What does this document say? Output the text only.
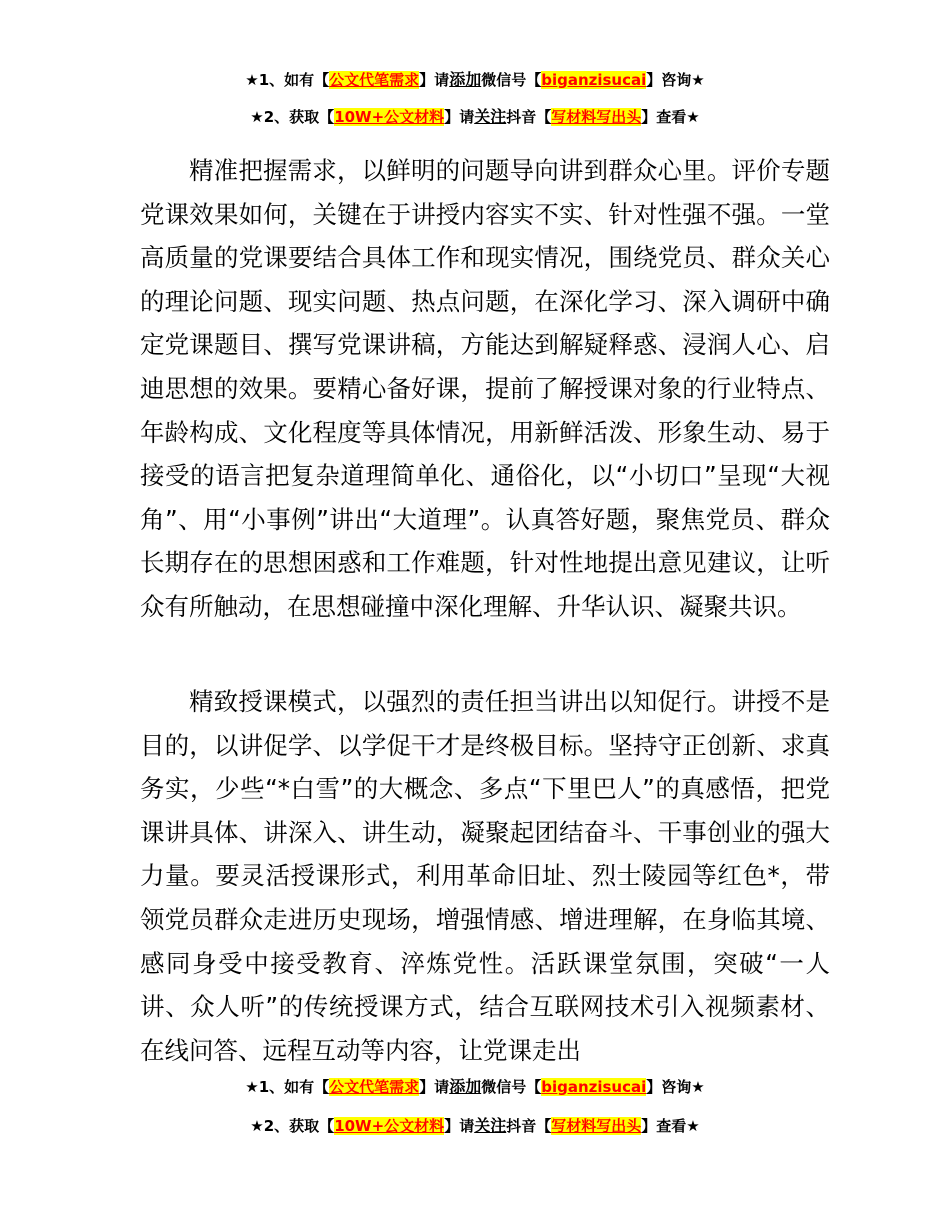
★1、如有【公文代笔需求】请添加微信号【biganzisucai】咨询★
★2、获取【10W+公文材料】请关注抖音【写材料写出头】查看★

精准把握需求，以鲜明的问题导向讲到群众心里。评价专题党课效果如何，关键在于讲授内容实不实、针对性强不强。一堂高质量的党课要结合具体工作和现实情况，围绕党员、群众关心的理论问题、现实问题、热点问题，在深化学习、深入调研中确定党课题目、撰写党课讲稿，方能达到解疑释惑、浸润人心、启迪思想的效果。要精心备好课，提前了解授课对象的行业特点、年龄构成、文化程度等具体情况，用新鲜活泼、形象生动、易于接受的语言把复杂道理简单化、通俗化，以“小切口”呈现“大视角”、用“小事例”讲出“大道理”。认真答好题，聚焦党员、群众长期存在的思想困惑和工作难题，针对性地提出意见建议，让听众有所触动，在思想碰撞中深化理解、升华认识、凝聚共识。

精致授课模式，以强烈的责任担当讲出以知促行。讲授不是目的，以讲促学、以学促干才是终极目标。坚持守正创新、求真务实，少些“*白雪”的大概念、多点“下里巴人”的真感悟，把党课讲具体、讲深入、讲生动，凝聚起团结奋斗、干事创业的强大力量。要灵活授课形式，利用革命旧址、烈士陵园等红色*，带领党员群众走进历史现场，增强情感、增进理解，在身临其境、感同身受中接受教育、淬炼党性。活跃课堂氛围，突破“一人讲、众人听”的传统授课方式，结合互联网技术引入视频素材、在线问答、远程互动等内容，让党课走出

★1、如有【公文代笔需求】请添加微信号【biganzisucai】咨询★
★2、获取【10W+公文材料】请关注抖音【写材料写出头】查看★
